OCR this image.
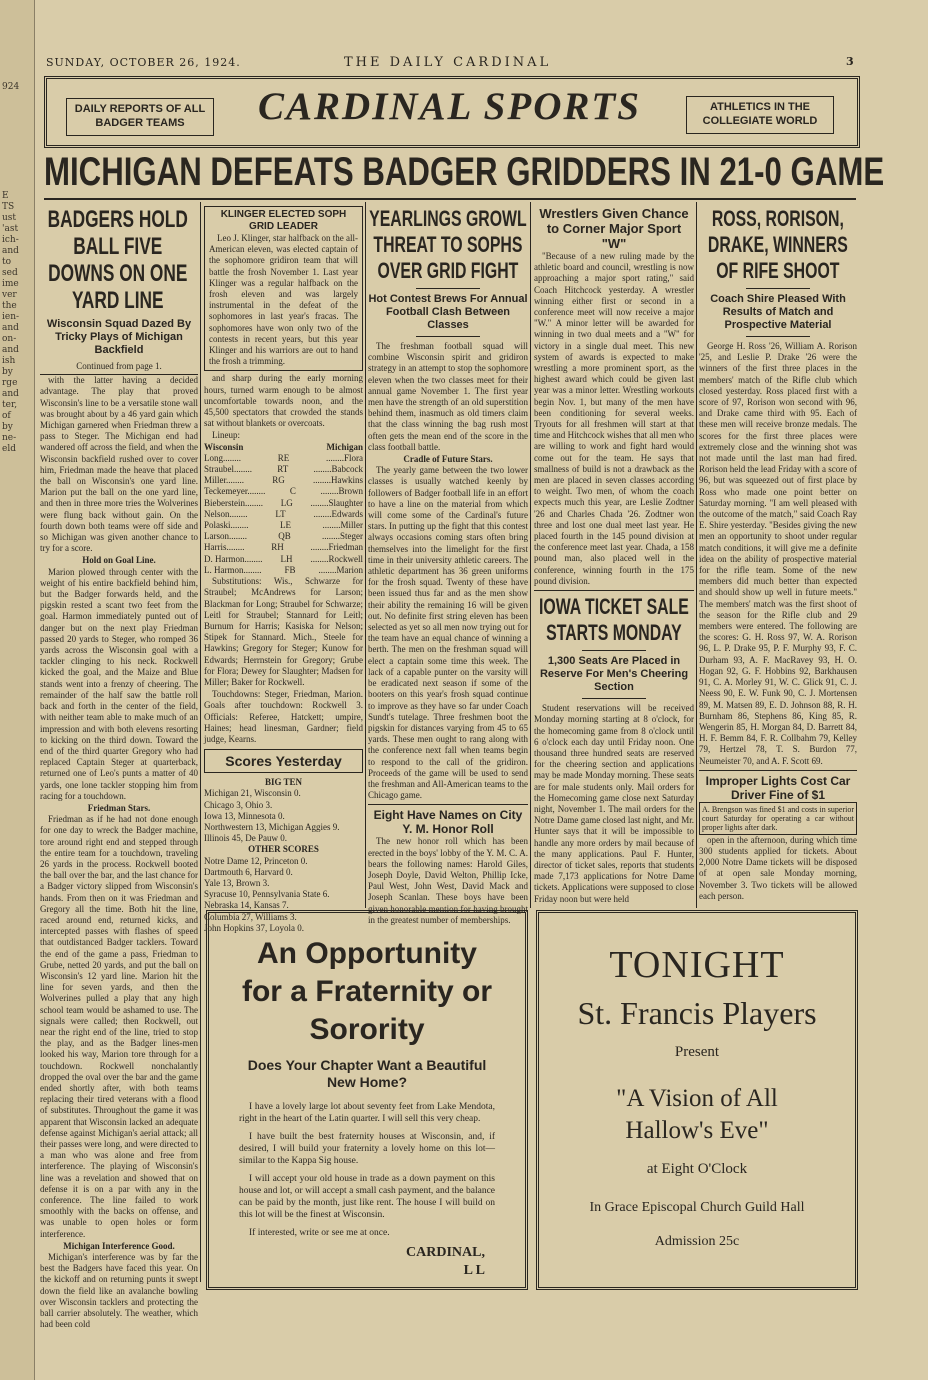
924
E
TS
ust
'ast
ich-
and
to
sed
ime
ver
the
ien-
and
on-
and
ish
by
rge
and
ter,
of
by
ne-
eld
SUNDAY, OCTOBER 26, 1924.	THE DAILY CARDINAL	3
DAILY REPORTS OF ALL BADGER TEAMS	CARDINAL SPORTS	ATHLETICS IN THE COLLEGIATE WORLD
MICHIGAN DEFEATS BADGER GRIDDERS IN 21-0 GAME
BADGERS HOLD BALL FIVE DOWNS ON ONE YARD LINE
Wisconsin Squad Dazed By Tricky Plays of Michigan Backfield
Continued from page 1.

with the latter having a decided advantage. The play that proved Wisconsin's line to be a versatile stone wall was brought about by a 46 yard gain which Michigan garnered when Friedman threw a pass to Steger. The Michigan end had wandered off across the field, and when the Wisconsin backfield rushed over to cover him, Friedman made the heave that placed the ball on Wisconsin's one yard line. Marion put the ball on the one yard line, and then in three more tries the Wolverines were flung back without gain. On the fourth down both teams were off side and so Michigan was given another chance to try for a score.

Hold on Goal Line.

Marion plowed through center with the weight of his entire backfield behind him, but the Badger forwards held, and the pigskin rested a scant two feet from the goal. Harmon immediately punted out of danger but on the next play Friedman passed 20 yards to Steger, who romped 36 yards across the Wisconsin goal with a tackler clinging to his neck. Rockwell kicked the goal, and the Maize and Blue stands went into a frenzy of cheering. The remainder of the half saw the battle roll back and forth in the center of the field, with neither team able to make much of an impression and with both elevens resorting to kicking on the third down. Toward the end of the third quarter Gregory who had replaced Captain Steger at quarterback, returned one of Leo's punts a matter of 40 yards, one lone tackler stopping him from racing for a touchdown.

Friedman Stars.

Friedman as if he had not done enough for one day to wreck the Badger machine, tore around right end and stepped through the entire team for a touchdown, traveling 26 yards in the process. Rockwell booted the ball over the bar, and the last chance for a Badger victory slipped from Wisconsin's hands. From then on it was Friedman and Gregory all the time. Both hit the line, raced around end, returned kicks, and intercepted passes with flashes of speed that outdistanced Badger tacklers. Toward the end of the game a pass, Friedman to Grube, netted 20 yards, and put the ball on Wisconsin's 12 yard line. Marion hit the line for seven yards, and then the Wolverines pulled a play that any high school team would be ashamed to use. The signals were called; then Rockwell, out near the right end of the line, tried to stop the play, and as the Badger lines-men looked his way, Marion tore through for a touchdown. Rockwell nonchalantly dropped the oval over the bar and the game ended shortly after, with both teams replacing their tired veterans with a flood of substitutes. Throughout the game it was apparent that Wisconsin lacked an adequate defense against Michigan's aerial attack; all their passes were long, and were directed to a man who was alone and free from interference. The playing of Wisconsin's line was a revelation and showed that on defense it is on a par with any in the conference. The line failed to work smoothly with the backs on offense, and was unable to open holes or form interference.

Michigan Interference Good.

Michigan's interference was by far the best the Badgers have faced this year. On the kickoff and on returning punts it swept down the field like an avalanche bowling over Wisconsin tacklers and protecting the ball carrier absolutely. The weather, which had been cold

KLINGER ELECTED SOPH GRID LEADER

Leo J. Klinger, star halfback on the all-American eleven, was elected captain of the sophomore gridiron team that will battle the frosh November 1. Last year Klinger was a regular halfback on the frosh eleven and was largely instrumental in the defeat of the sophomores in last year's fracas. The sophomores have won only two of the contests in recent years, but this year Klinger and his warriors are out to hand the frosh a trimming.

and sharp during the early morning hours, turned warm enough to be almost uncomfortable towards noon, and the 45,500 spectators that crowded the stands sat without blankets or overcoats.

Lineup:
Wisconsin	Michigan
Long........	RE	........Flora
Straubel........	RT	........Babcock
Miller........	RG	........Hawkins
Teckemeyer........	C	........Brown
Bieberstein........ LG ........Slaughter
Nelson........	LT	........Edwards
Polaski........	LE	........Miller
Larson........	QB	........Steger
Harris........	RH	........Friedman
D. Harmon........ LH ........Rockwell
L. Harmon........	FB	........Marion

Substitutions: Wis., Schwarze for Straubel; McAndrews for Larson; Blackman for Long; Straubel for Schwarze; Leitl for Straubel; Stannard for Leitl; Burnum for Harris; Kasiska for Nelson; Stipek for Stannard. Mich., Steele for Hawkins; Gregory for Steger; Kunow for Edwards; Herrnstein for Gregory; Grube for Flora; Dewey for Slaughter; Madsen for Miller; Baker for Rockwell.

Touchdowns: Steger, Friedman, Marion. Goals after touchdown: Rockwell 3. Officials: Referee, Hatckett; umpire, Haines; head linesman, Gardner; field judge, Kearns.

Scores Yesterday
BIG TEN
Michigan 21, Wisconsin 0.
Chicago 3, Ohio 3.
Iowa 13, Minnesota 0.
Northwestern 13, Michigan Aggies 9.
Illinois 45, De Pauw 0.
OTHER SCORES
Notre Dame 12, Princeton 0.
Dartmouth 6, Harvard 0.
Yale 13, Brown 3.
Syracuse 10, Pennsylvania State 6.
Nebraska 14, Kansas 7.
Columbia 27, Williams 3.
John Hopkins 37, Loyola 0.
YEARLINGS GROWL THREAT TO SOPHS OVER GRID FIGHT
Hot Contest Brews For Annual Football Clash Between Classes

The freshman football squad will combine Wisconsin spirit and gridiron strategy in an attempt to stop the sophomore eleven when the two classes meet for their annual game November 1. The first year men have the strength of an old superstition behind them, inasmuch as old timers claim that the class winning the bag rush most often gets the mean end of the score in the class football battle.

Cradle of Future Stars.

The yearly game between the two lower classes is usually watched keenly by followers of Badger football life in an effort to have a line on the material from which will come some of the Cardinal's future stars. In putting up the fight that this contest always occasions coming stars often bring themselves into the limelight for the first time in their university athletic careers. The athletic department has 36 green uniforms for the frosh squad. Twenty of these have been issued thus far and as the men show their ability the remaining 16 will be given out. No definite first string eleven has been selected as yet so all men now trying out for the team have an equal chance of winning a berth. The men on the freshman squad will elect a captain some time this week. The lack of a capable punter on the varsity will be eradicated next season if some of the booters on this year's frosh squad continue to improve as they have so far under Coach Sundt's tutelage. Three freshmen boot the pigskin for distances varying from 45 to 65 yards. These men ought to rang along with the conference next fall when teams begin to respond to the call of the gridiron. Proceeds of the game will be used to send the freshman and All-American teams to the Chicago game.

Eight Have Names on City Y. M. Honor Roll

The new honor roll which has been erected in the boys' lobby of the Y. M. C. A. bears the following names: Harold Giles, Joseph Doyle, David Welton, Phillip Icke, Paul West, John West, David Mack and Joseph Scanlan. These boys have been given honorable mention for having brought in the greatest number of memberships.

Wrestlers Given Chance to Corner Major Sport "W"

"Because of a new ruling made by the athletic board and council, wrestling is now approaching a major sport rating," said Coach Hitchcock yesterday. A wrestler winning either first or second in a conference meet will now receive a major "W." A minor letter will be awarded for winning in two dual meets and a "W" for victory in a single dual meet. This new system of awards is expected to make wrestling a more prominent sport, as the highest award which could be given last year was a minor letter. Wrestling workouts begin Nov. 1, but many of the men have been conditioning for several weeks. Tryouts for all freshmen will start at that time and Hitchcock wishes that all men who are willing to work and fight hard would come out for the team. He says that smallness of build is not a drawback as the men are placed in seven classes according to weight. Two men, of whom the coach expects much this year, are Leslie Zodtner '26 and Charles Chada '26. Zodtner won three and lost one dual meet last year. He placed fourth in the 145 pound division at the conference meet last year. Chada, a 158 pound man, also placed well in the conference, winning fourth in the 175 pound division.

IOWA TICKET SALE STARTS MONDAY
1,300 Seats Are Placed in Reserve For Men's Cheering Section

Student reservations will be received Monday morning starting at 8 o'clock, for the homecoming game from 8 o'clock until 6 o'clock each day until Friday noon. One thousand three hundred seats are reserved for the cheering section and applications may be made Monday morning. These seats are for male students only. Mail orders for the Homecoming game close next Saturday night, November 1. The mail orders for the Notre Dame game closed last night, and Mr. Hunter says that it will be impossible to handle any more orders by mail because of the many applications. Paul F. Hunter, director of ticket sales, reports that students made 7,173 applications for Notre Dame tickets. Applications were supposed to close Friday noon but were held

ROSS, RORISON, DRAKE, WINNERS OF RIFE SHOOT
Coach Shire Pleased With Results of Match and Prospective Material

George H. Ross '26, William A. Rorison '25, and Leslie P. Drake '26 were the winners of the first three places in the members' match of the Rifle club which closed yesterday. Ross placed first with a score of 97, Rorison won second with 96, and Drake came third with 95. Each of these men will receive bronze medals. The scores for the first three places were extremely close and the winning shot was not made until the last man had fired. Rorison held the lead Friday with a score of 96, but was squeezed out of first place by Ross who made one point better on Saturday morning. "I am well pleased with the outcome of the match," said Coach Ray E. Shire yesterday. "Besides giving the new men an opportunity to shoot under regular match conditions, it will give me a definite idea on the ability of prospective material for the rifle team. Some of the new members did much better than expected and should show up well in future meets." The members' match was the first shoot of the season for the Rifle club and 29 members were entered. The following are the scores: G. H. Ross 97, W. A. Rorison 96, L. P. Drake 95, P. F. Murphy 93, F. C. Durham 93, A. F. MacRavey 93, H. O. Hogan 92, G. F. Hobbins 92, Barkhausen 91, C. A. Morley 91, W. C. Glick 91, C. J. Neess 90, E. W. Funk 90, C. J. Mortensen 89, M. Matsen 89, E. D. Johnson 88, R. H. Burnham 86, Stephens 86, King 85, R. Wengerin 85, H. Morgan 84, D. Barrett 84, H. F. Bemm 84, F. R. Collbahm 79, Kelley 79, Hertzel 78, T. S. Burdon 77, Neumeister 70, and A. F. Scott 69.

Improper Lights Cost Car Driver Fine of $1
A. Brengson was fined $1 and costs in superior court Saturday for operating a car without proper lights after dark.

open in the afternoon, during which time 300 students applied for tickets. About 2,000 Notre Dame tickets will be disposed of at open sale Monday morning, November 3. Two tickets will be allowed each person.

An Opportunity for a Fraternity or Sorority
Does Your Chapter Want a Beautiful New Home?

I have a lovely large lot about seventy feet from Lake Mendota, right in the heart of the Latin quarter. I will sell this very cheap.

I have built the best fraternity houses at Wisconsin, and, if desired, I will build your fraternity a lovely home on this lot—similar to the Kappa Sig house.

I will accept your old house in trade as a down payment on this house and lot, or will accept a small cash payment, and the balance can be paid by the month, just like rent. The house I will build on this lot will be the finest at Wisconsin.

If interested, write or see me at once.

CARDINAL,
L L
TONIGHT
St. Francis Players
Present
"A Vision of All Hallow's Eve"
at Eight O'Clock
In Grace Episcopal Church Guild Hall
Admission 25c
